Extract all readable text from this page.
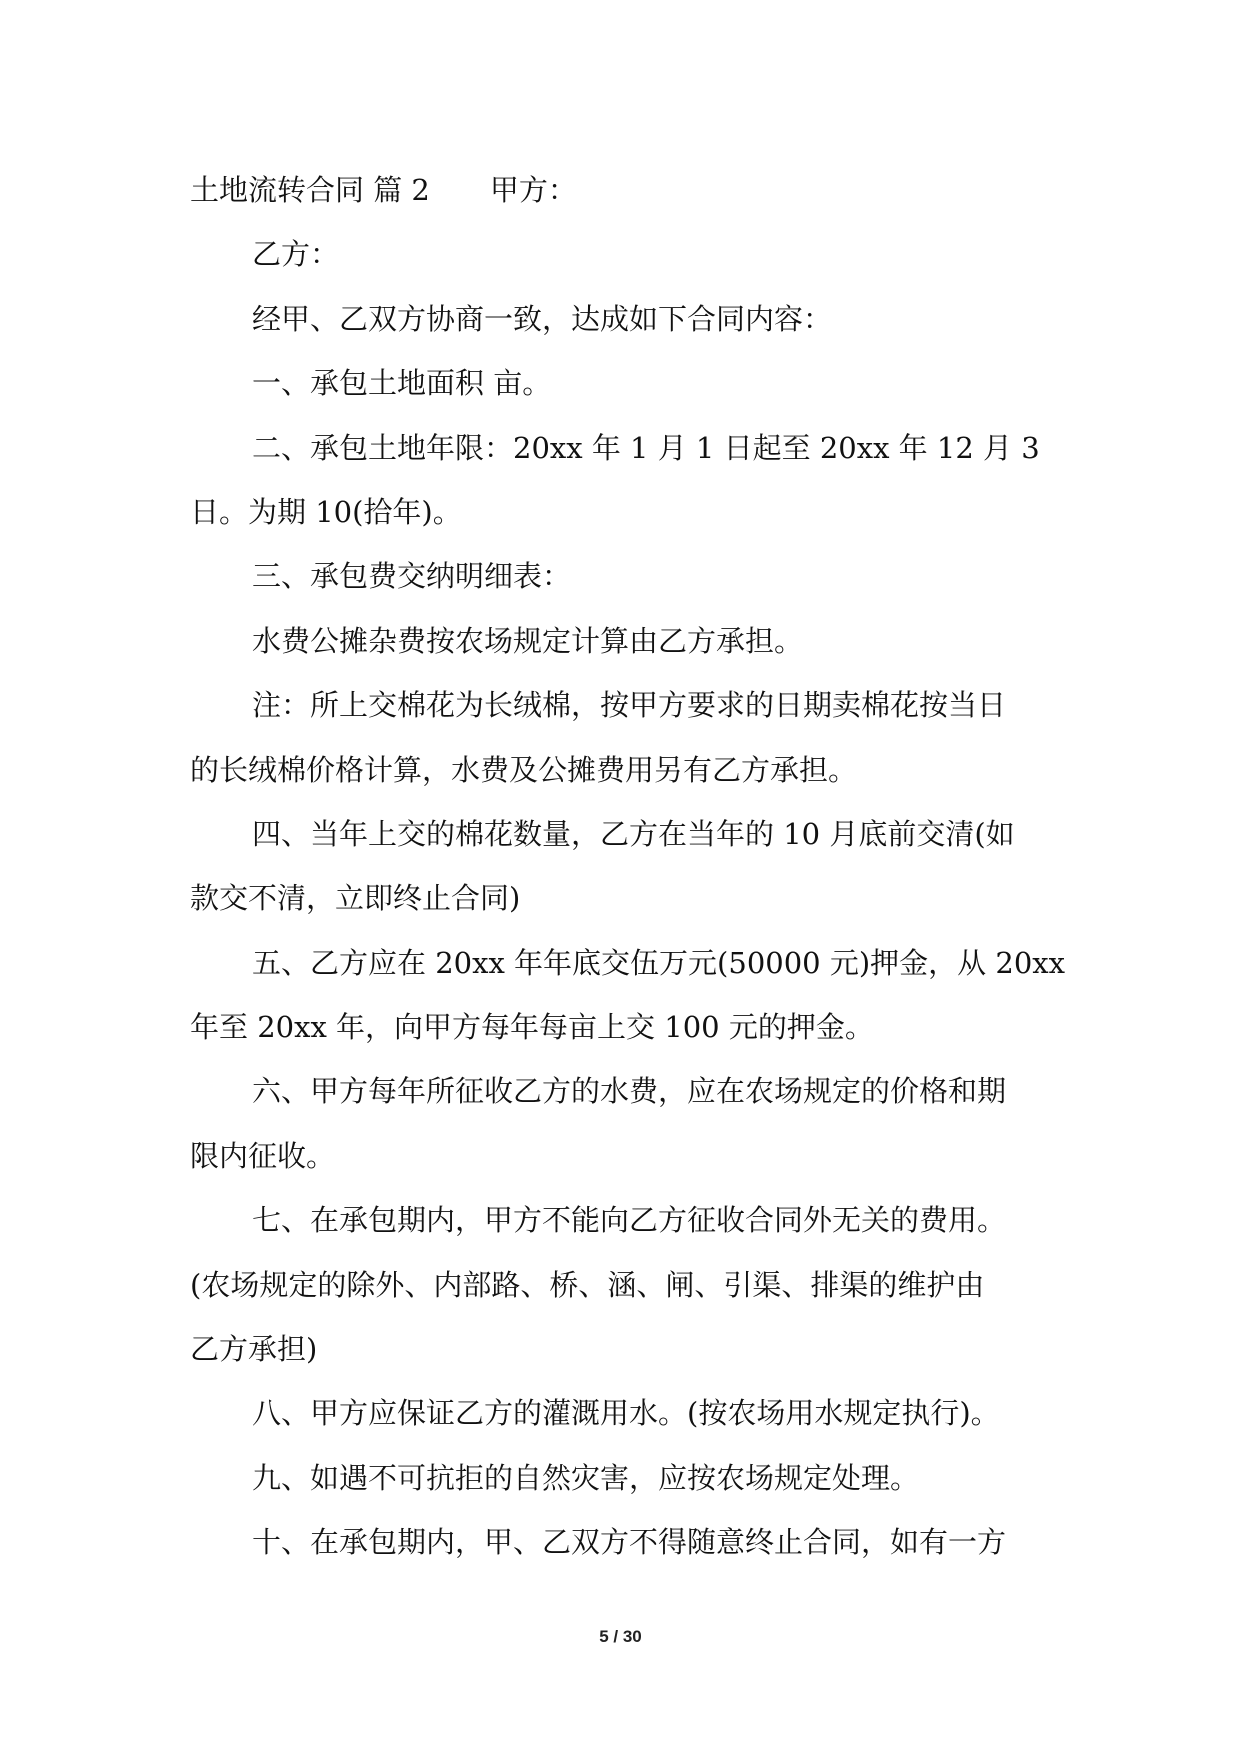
土地流转合同 篇 2 甲方：
乙方：
经甲、乙双方协商一致，达成如下合同内容：
一、承包土地面积 亩。
二、承包土地年限：20xx 年 1 月 1 日起至 20xx 年 12 月 3
日。为期 10(拾年)。
三、承包费交纳明细表：
水费公摊杂费按农场规定计算由乙方承担。
注：所上交棉花为长绒棉，按甲方要求的日期卖棉花按当日
的长绒棉价格计算，水费及公摊费用另有乙方承担。
四、当年上交的棉花数量，乙方在当年的 10 月底前交清(如
款交不清，立即终止合同)
五、乙方应在 20xx 年年底交伍万元(50000 元)押金，从 20xx
年至 20xx 年，向甲方每年每亩上交 100 元的押金。
六、甲方每年所征收乙方的水费，应在农场规定的价格和期
限内征收。
七、在承包期内，甲方不能向乙方征收合同外无关的费用。
(农场规定的除外、内部路、桥、涵、闸、引渠、排渠的维护由
乙方承担)
八、甲方应保证乙方的灌溉用水。(按农场用水规定执行)。
九、如遇不可抗拒的自然灾害，应按农场规定处理。
十、在承包期内，甲、乙双方不得随意终止合同，如有一方
5 / 30
